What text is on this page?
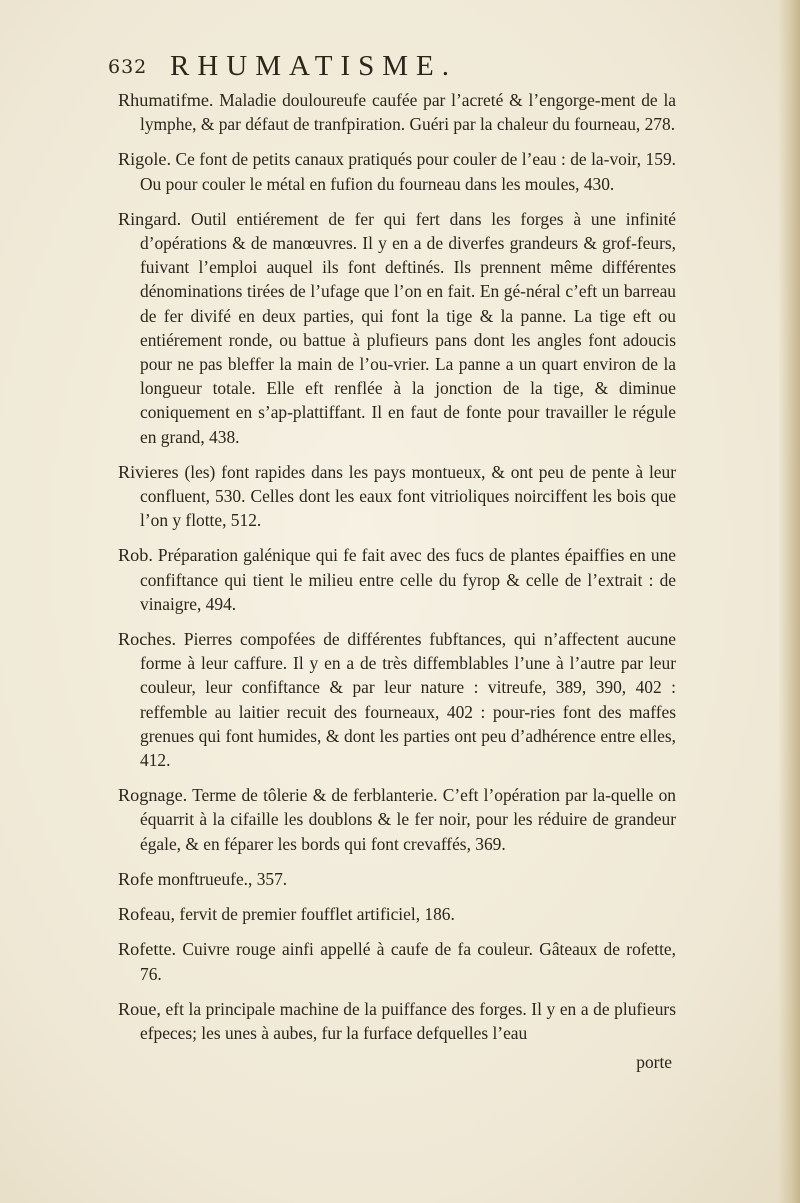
632 RHUMATISME.

Rhumatifme. Maladie douloureufe caufée par l’acreté & l’engorge-ment de la lymphe, & par défaut de tranfpiration. Guéri par la chaleur du fourneau, 278.

Rigole. Ce font de petits canaux pratiqués pour couler de l’eau : de la-voir, 159. Ou pour couler le métal en fufion du fourneau dans les moules, 430.

Ringard. Outil entiérement de fer qui fert dans les forges à une infinité d’opérations & de manœuvres. Il y en a de diverfes grandeurs & grof-feurs, fuivant l’emploi auquel ils font deftinés. Ils prennent même différentes dénominations tirées de l’ufage que l’on en fait. En gé-néral c’eft un barreau de fer divifé en deux parties, qui font la tige & la panne. La tige eft ou entiérement ronde, ou battue à plufieurs pans dont les angles font adoucis pour ne pas bleffer la main de l’ou-vrier. La panne a un quart environ de la longueur totale. Elle eft renflée à la jonction de la tige, & diminue coniquement en s’ap-plattiffant. Il en faut de fonte pour travailler le régule en grand, 438.

Rivieres (les) font rapides dans les pays montueux, & ont peu de pente à leur confluent, 530. Celles dont les eaux font vitrioliques noirciffent les bois que l’on y flotte, 512.

Rob. Préparation galénique qui fe fait avec des fucs de plantes épaiffies en une confiftance qui tient le milieu entre celle du fyrop & celle de l’extrait : de vinaigre, 494.

Roches. Pierres compofées de différentes fubftances, qui n’affectent aucune forme à leur caffure. Il y en a de très diffemblables l’une à l’autre par leur couleur, leur confiftance & par leur nature : vitreufe, 389, 390, 402 : reffemble au laitier recuit des fourneaux, 402 : pour-ries font des maffes grenues qui font humides, & dont les parties ont peu d’adhérence entre elles, 412.

Rognage. Terme de tôlerie & de ferblanterie. C’eft l’opération par la-quelle on équarrit à la cifaille les doublons & le fer noir, pour les réduire de grandeur égale, & en féparer les bords qui font crevaffés, 369.

Rofe monftrueufe., 357.

Rofeau, fervit de premier foufflet artificiel, 186.

Rofette. Cuivre rouge ainfi appellé à caufe de fa couleur. Gâteaux de rofette, 76.

Roue, eft la principale machine de la puiffance des forges. Il y en a de plufieurs efpeces; les unes à aubes, fur la furface defquelles l’eau

porte
